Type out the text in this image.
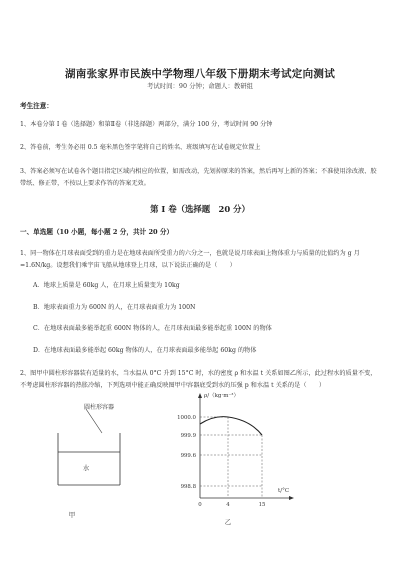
湖南张家界市民族中学物理八年级下册期末考试定向测试
考试时间：90 分钟；命题人：教研组
考生注意：
1、本卷分第 I 卷（选择题）和第Ⅱ卷（非选择题）两部分，满分 100 分，考试时间 90 分钟
2、答卷前，考生务必用 0.5 毫米黑色签字笔将自己的姓名、班级填写在试卷规定位置上
3、答案必须写在试卷各个题目指定区域内相应的位置，如需改动，先划掉原来的答案，然后再写上新的答案；不准使用涂改液、胶带纸、修正带，不按以上要求作答的答案无效。
第 I 卷（选择题　20 分）
一、单选题（10 小题，每小题 2 分，共计 20 分）
1、同一物体在月球表面受到的重力是在地球表面所受重力的六分之一，也就是说月球表面上物体重力与质量的比值约为 g 月=1.6N/kg。设想我们乘宇宙飞船从地球登上月球，以下说法正确的是（　　）
A．地球上质量是 60kg 人，在月球上质量变为 10kg
B．地球表面重力为 600N 的人，在月球表面重力为 100N
C．在地球表面最多能举起重 600N 物体的人，在月球表面最多能举起重 100N 的物体
D．在地球表面最多能举起 60kg 物体的人，在月球表面最多能举起 60kg 的物体
2、图甲中圆柱形容器装有适量的水，当水温从 0°C 升到 15°C 时，水的密度 ρ 和水温 t 关系如图乙所示，此过程水的质量不变，不考虑圆柱形容器的热胀冷缩，下列选项中能正确反映图甲中容器底受到水的压强 p 和水温 t 关系的是（　　）
圆柱形容器
水
甲
ρ/（kg·m⁻³）
t/°C
1000.0
999.9
999.6
998.8
0	4	15
乙
